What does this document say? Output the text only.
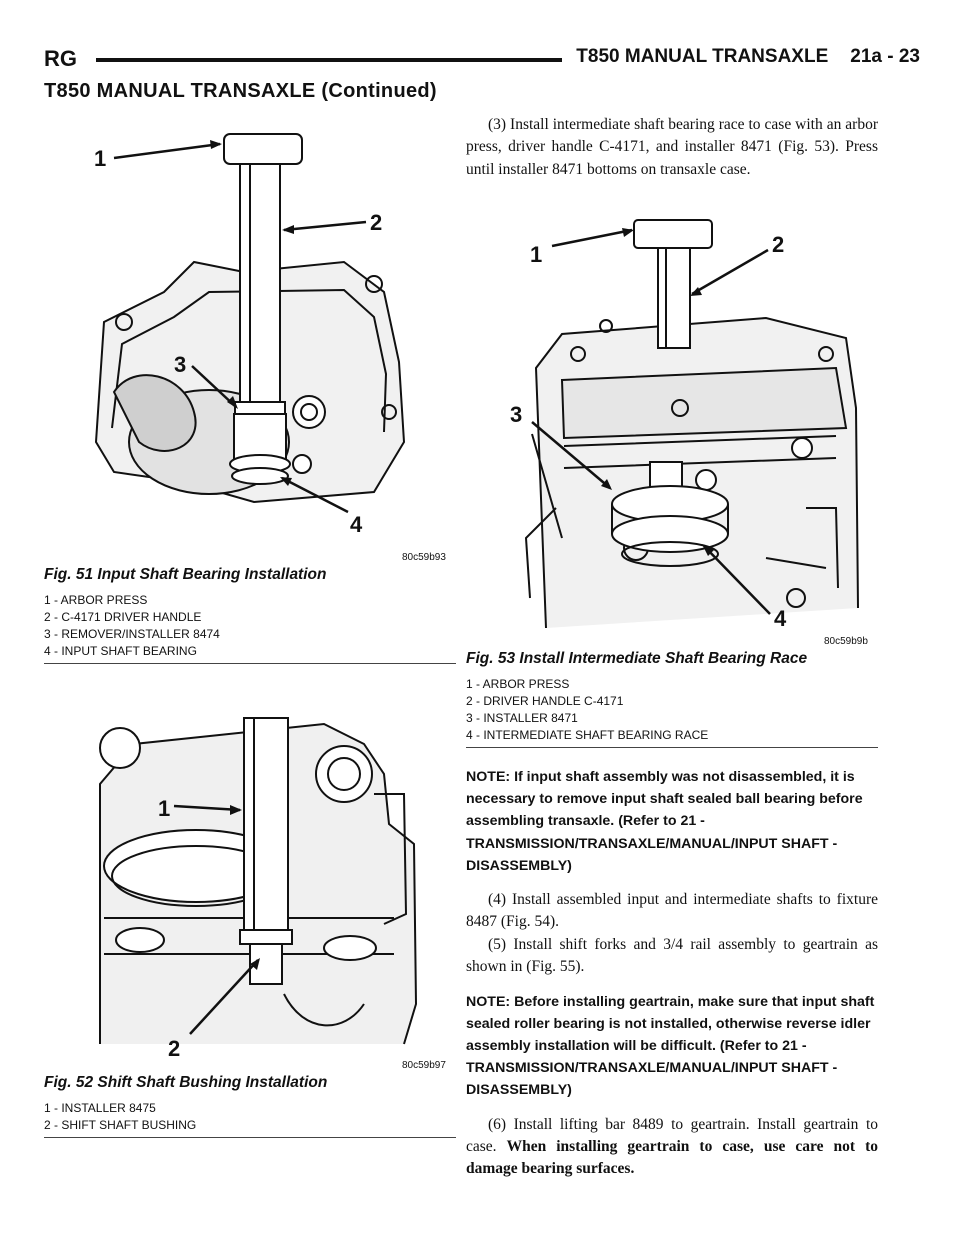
RG	T850 MANUAL TRANSAXLE 21a - 23
T850 MANUAL TRANSAXLE (Continued)
1
2
3
4
80c59b93
Fig. 51 Input Shaft Bearing Installation
1 - ARBOR PRESS
2 - C-4171 DRIVER HANDLE
3 - REMOVER/INSTALLER 8474
4 - INPUT SHAFT BEARING
1
2
80c59b97
Fig. 52 Shift Shaft Bushing Installation
1 - INSTALLER 8475
2 - SHIFT SHAFT BUSHING

(3) Install intermediate shaft bearing race to case with an arbor press, driver handle C-4171, and installer 8471 (Fig. 53). Press until installer 8471 bottoms on transaxle case.

1	2
3
4
80c59b9b
Fig. 53 Install Intermediate Shaft Bearing Race
1 - ARBOR PRESS
2 - DRIVER HANDLE C-4171
3 - INSTALLER 8471
4 - INTERMEDIATE SHAFT BEARING RACE

NOTE: If input shaft assembly was not disassembled, it is necessary to remove input shaft sealed ball bearing before assembling transaxle. (Refer to 21 - TRANSMISSION/TRANSAXLE/MANUAL/INPUT SHAFT - DISASSEMBLY)

(4) Install assembled input and intermediate shafts to fixture 8487 (Fig. 54).

(5) Install shift forks and 3/4 rail assembly to geartrain as shown in (Fig. 55).

NOTE: Before installing geartrain, make sure that input shaft sealed roller bearing is not installed, otherwise reverse idler assembly installation will be difficult. (Refer to 21 - TRANSMISSION/TRANSAXLE/MANUAL/INPUT SHAFT - DISASSEMBLY)

(6) Install lifting bar 8489 to geartrain. Install geartrain to case. When installing geartrain to case, use care not to damage bearing surfaces.
